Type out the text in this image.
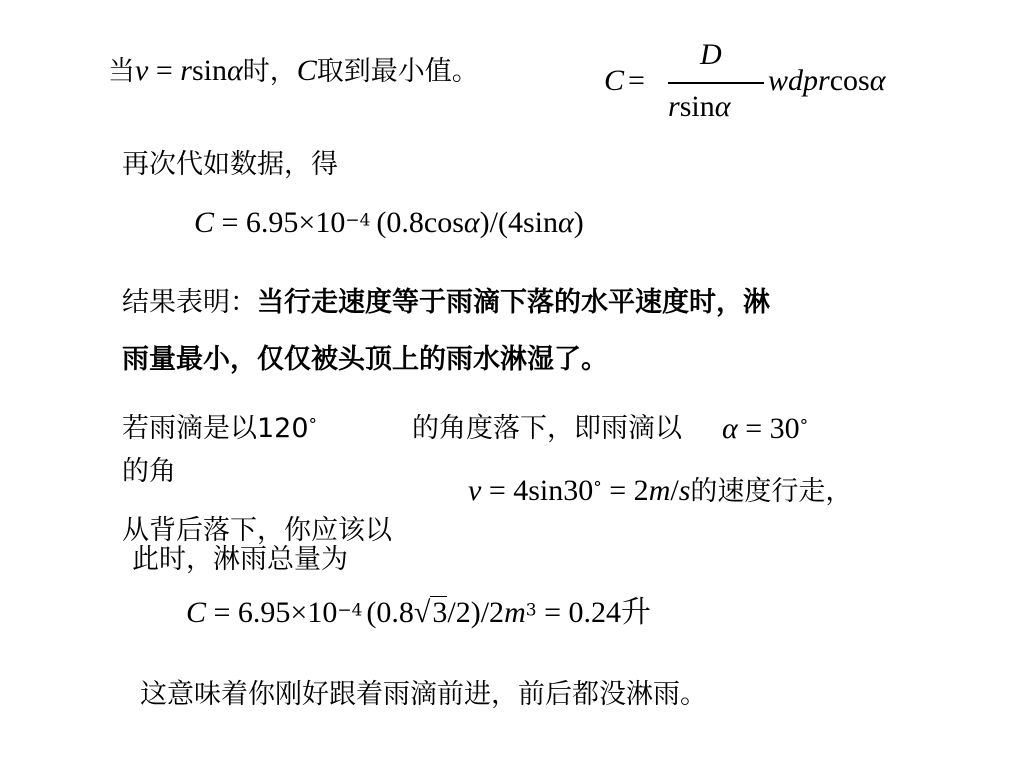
当v = rsinα时，C取到最小值。	C =
D
rsinα
wdprcosα
再次代如数据，得
C = 6.95×10−4 (0.8cosα)/(4sinα)
结果表明：当行走速度等于雨滴下落的水平速度时，淋
雨量最小，仅仅被头顶上的雨水淋湿了。
若雨滴是以120°	的角度落下，即雨滴以 α = 30°
的角
v = 4sin30° = 2m/s的速度行走，
从背后落下，你应该以
此时，淋雨总量为
C = 6.95×10−4 (0.8√3/2)/2m3 = 0.24升
这意味着你刚好跟着雨滴前进，前后都没淋雨。
